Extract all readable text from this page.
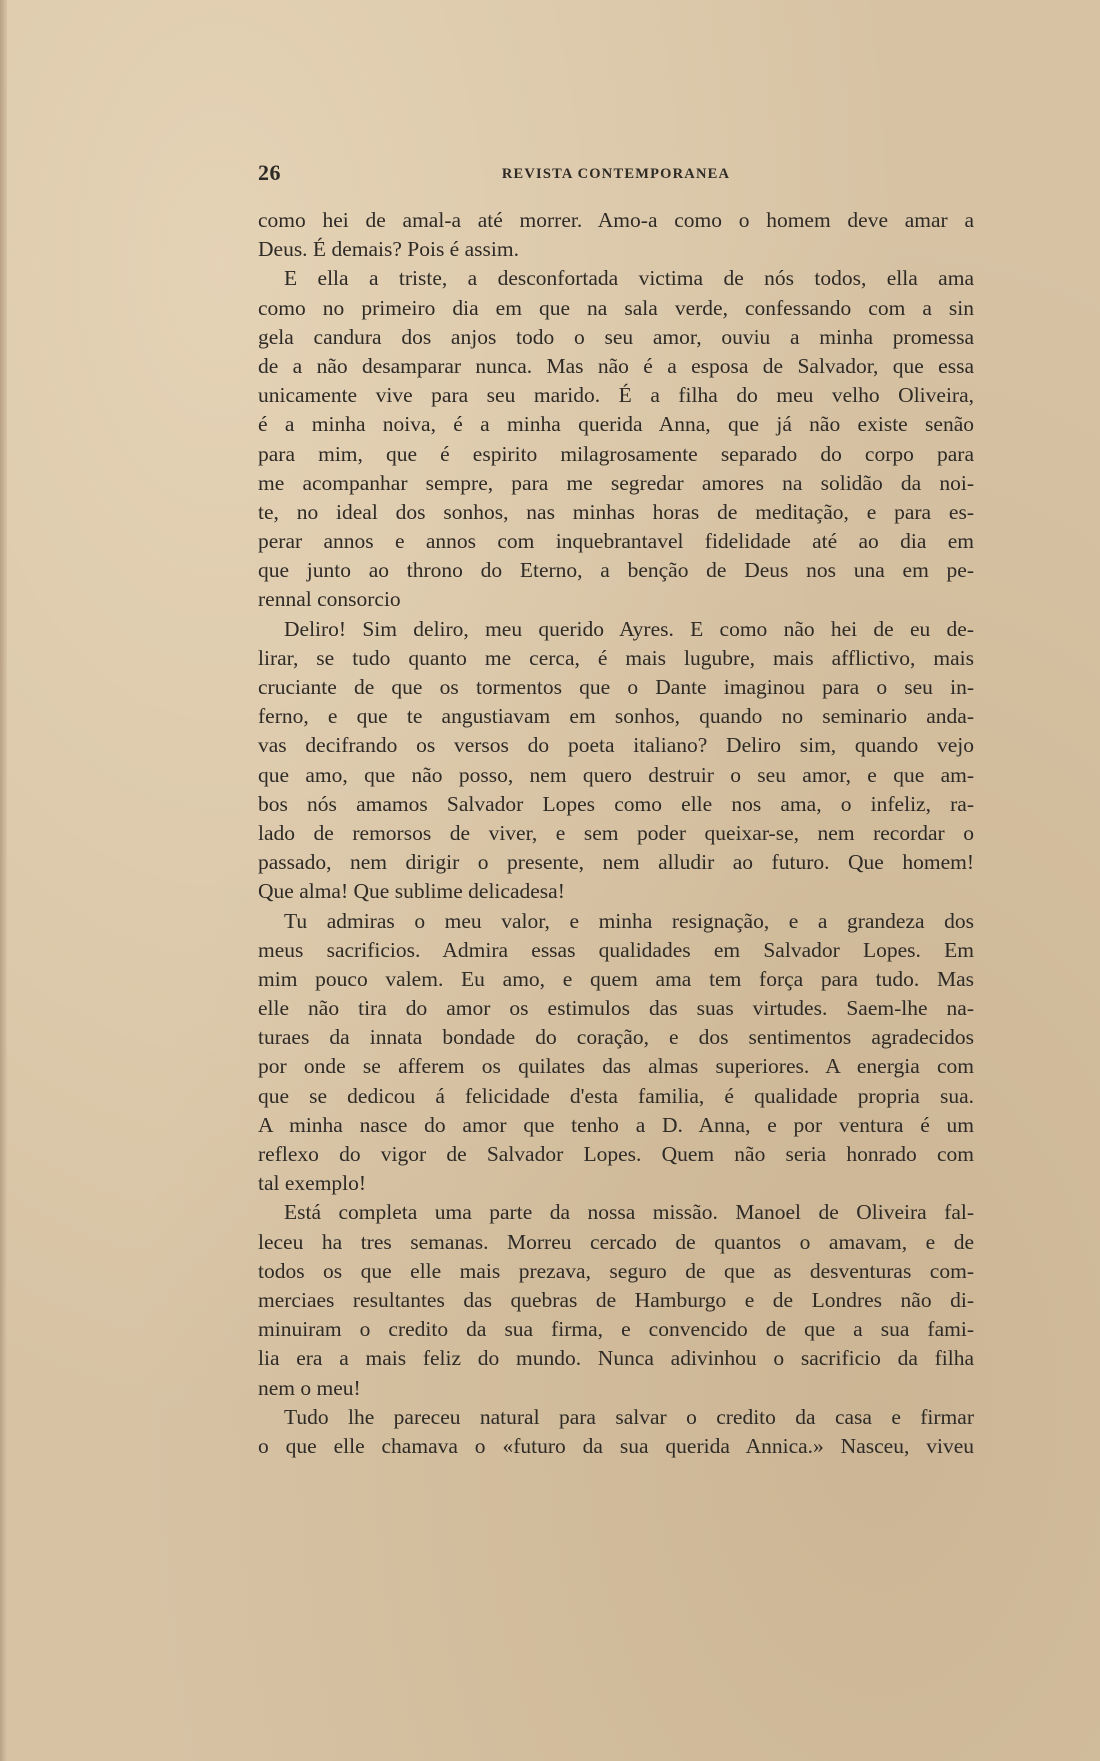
26	REVISTA CONTEMPORANEA
como hei de amal-a até morrer. Amo-a como o homem deve amar a
Deus. É demais? Pois é assim.
E ella a triste, a desconfortada victima de nós todos, ella ama
como no primeiro dia em que na sala verde, confessando com a sin
gela candura dos anjos todo o seu amor, ouviu a minha promessa
de a não desamparar nunca. Mas não é a esposa de Salvador, que essa
unicamente vive para seu marido. É a filha do meu velho Oliveira,
é a minha noiva, é a minha querida Anna, que já não existe senão
para mim, que é espirito milagrosamente separado do corpo para
me acompanhar sempre, para me segredar amores na solidão da noi-
te, no ideal dos sonhos, nas minhas horas de meditação, e para es-
perar annos e annos com inquebrantavel fidelidade até ao dia em
que junto ao throno do Eterno, a benção de Deus nos una em pe-
rennal consorcio
Deliro! Sim deliro, meu querido Ayres. E como não hei de eu de-
lirar, se tudo quanto me cerca, é mais lugubre, mais afflictivo, mais
cruciante de que os tormentos que o Dante imaginou para o seu in-
ferno, e que te angustiavam em sonhos, quando no seminario anda-
vas decifrando os versos do poeta italiano? Deliro sim, quando vejo
que amo, que não posso, nem quero destruir o seu amor, e que am-
bos nós amamos Salvador Lopes como elle nos ama, o infeliz, ra-
lado de remorsos de viver, e sem poder queixar-se, nem recordar o
passado, nem dirigir o presente, nem alludir ao futuro. Que homem!
Que alma! Que sublime delicadesa!
Tu admiras o meu valor, e minha resignação, e a grandeza dos
meus sacrificios. Admira essas qualidades em Salvador Lopes. Em
mim pouco valem. Eu amo, e quem ama tem força para tudo. Mas
elle não tira do amor os estimulos das suas virtudes. Saem-lhe na-
turaes da innata bondade do coração, e dos sentimentos agradecidos
por onde se afferem os quilates das almas superiores. A energia com
que se dedicou á felicidade d'esta familia, é qualidade propria sua.
A minha nasce do amor que tenho a D. Anna, e por ventura é um
reflexo do vigor de Salvador Lopes. Quem não seria honrado com
tal exemplo!
Está completa uma parte da nossa missão. Manoel de Oliveira fal-
leceu ha tres semanas. Morreu cercado de quantos o amavam, e de
todos os que elle mais prezava, seguro de que as desventuras com-
merciaes resultantes das quebras de Hamburgo e de Londres não di-
minuiram o credito da sua firma, e convencido de que a sua fami-
lia era a mais feliz do mundo. Nunca adivinhou o sacrificio da filha
nem o meu!
Tudo lhe pareceu natural para salvar o credito da casa e firmar
o que elle chamava o «futuro da sua querida Annica.» Nasceu, viveu
